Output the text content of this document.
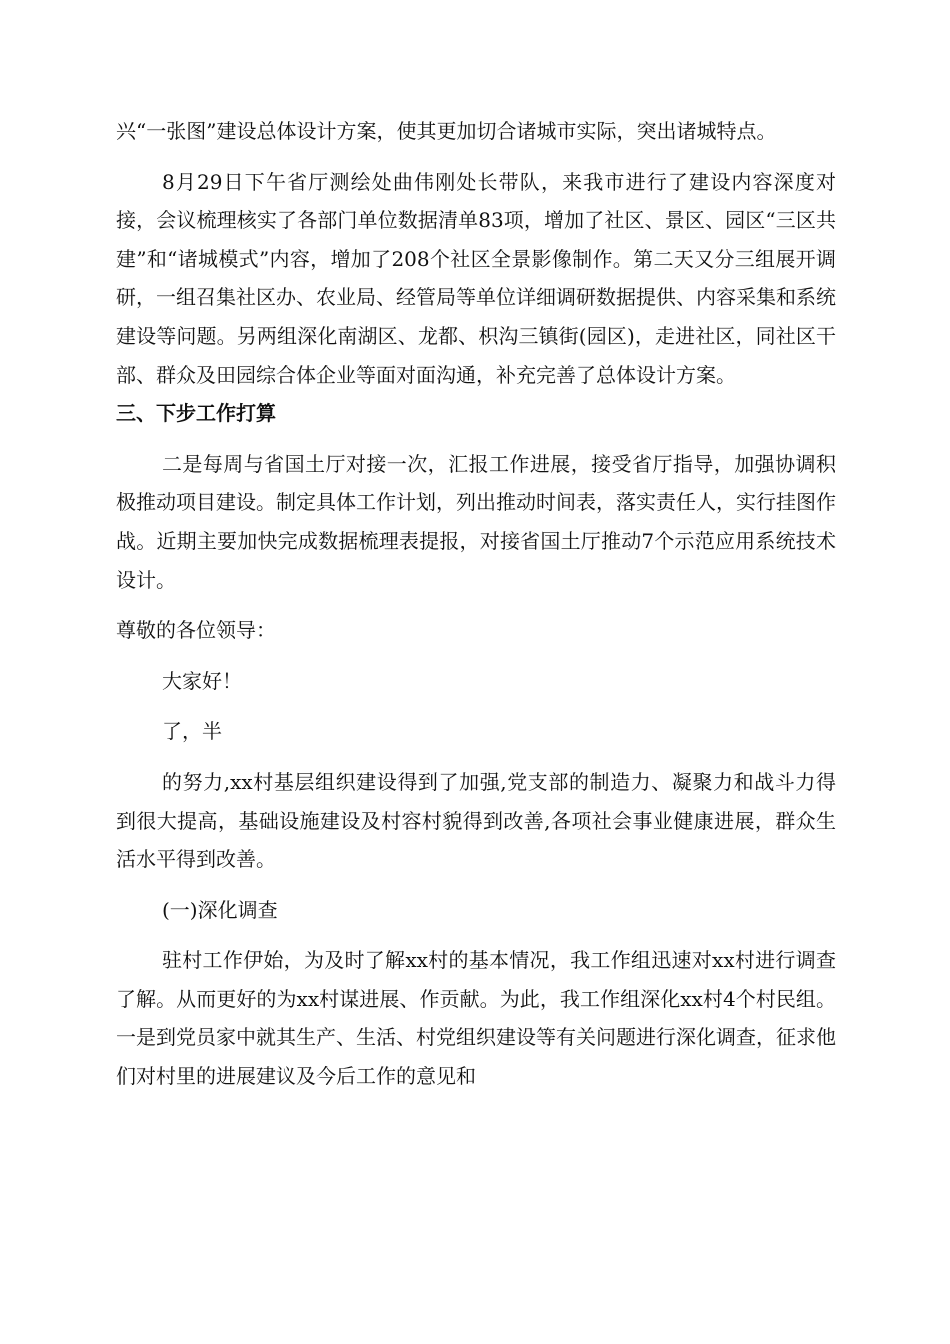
兴“一张图”建设总体设计方案，使其更加切合诸城市实际，突出诸城特点。

8月29日下午省厅测绘处曲伟刚处长带队，来我市进行了建设内容深度对接，会议梳理核实了各部门单位数据清单83项，增加了社区、景区、园区“三区共建”和“诸城模式”内容，增加了208个社区全景影像制作。第二天又分三组展开调研，一组召集社区办、农业局、经管局等单位详细调研数据提供、内容采集和系统建设等问题。另两组深化南湖区、龙都、枳沟三镇街(园区)，走进社区，同社区干部、群众及田园综合体企业等面对面沟通，补充完善了总体设计方案。

三、下步工作打算

二是每周与省国土厅对接一次，汇报工作进展，接受省厅指导，加强协调积极推动项目建设。制定具体工作计划，列出推动时间表，落实责任人，实行挂图作战。近期主要加快完成数据梳理表提报，对接省国土厅推动7个示范应用系统技术设计。

尊敬的各位领导：

大家好！

了，半

的努力,xx村基层组织建设得到了加强,党支部的制造力、凝聚力和战斗力得到很大提高，基础设施建设及村容村貌得到改善,各项社会事业健康进展，群众生活水平得到改善。

(一)深化调查

驻村工作伊始，为及时了解xx村的基本情况，我工作组迅速对xx村进行调查了解。从而更好的为xx村谋进展、作贡献。为此，我工作组深化xx村4个村民组。一是到党员家中就其生产、生活、村党组织建设等有关问题进行深化调查，征求他们对村里的进展建议及今后工作的意见和
